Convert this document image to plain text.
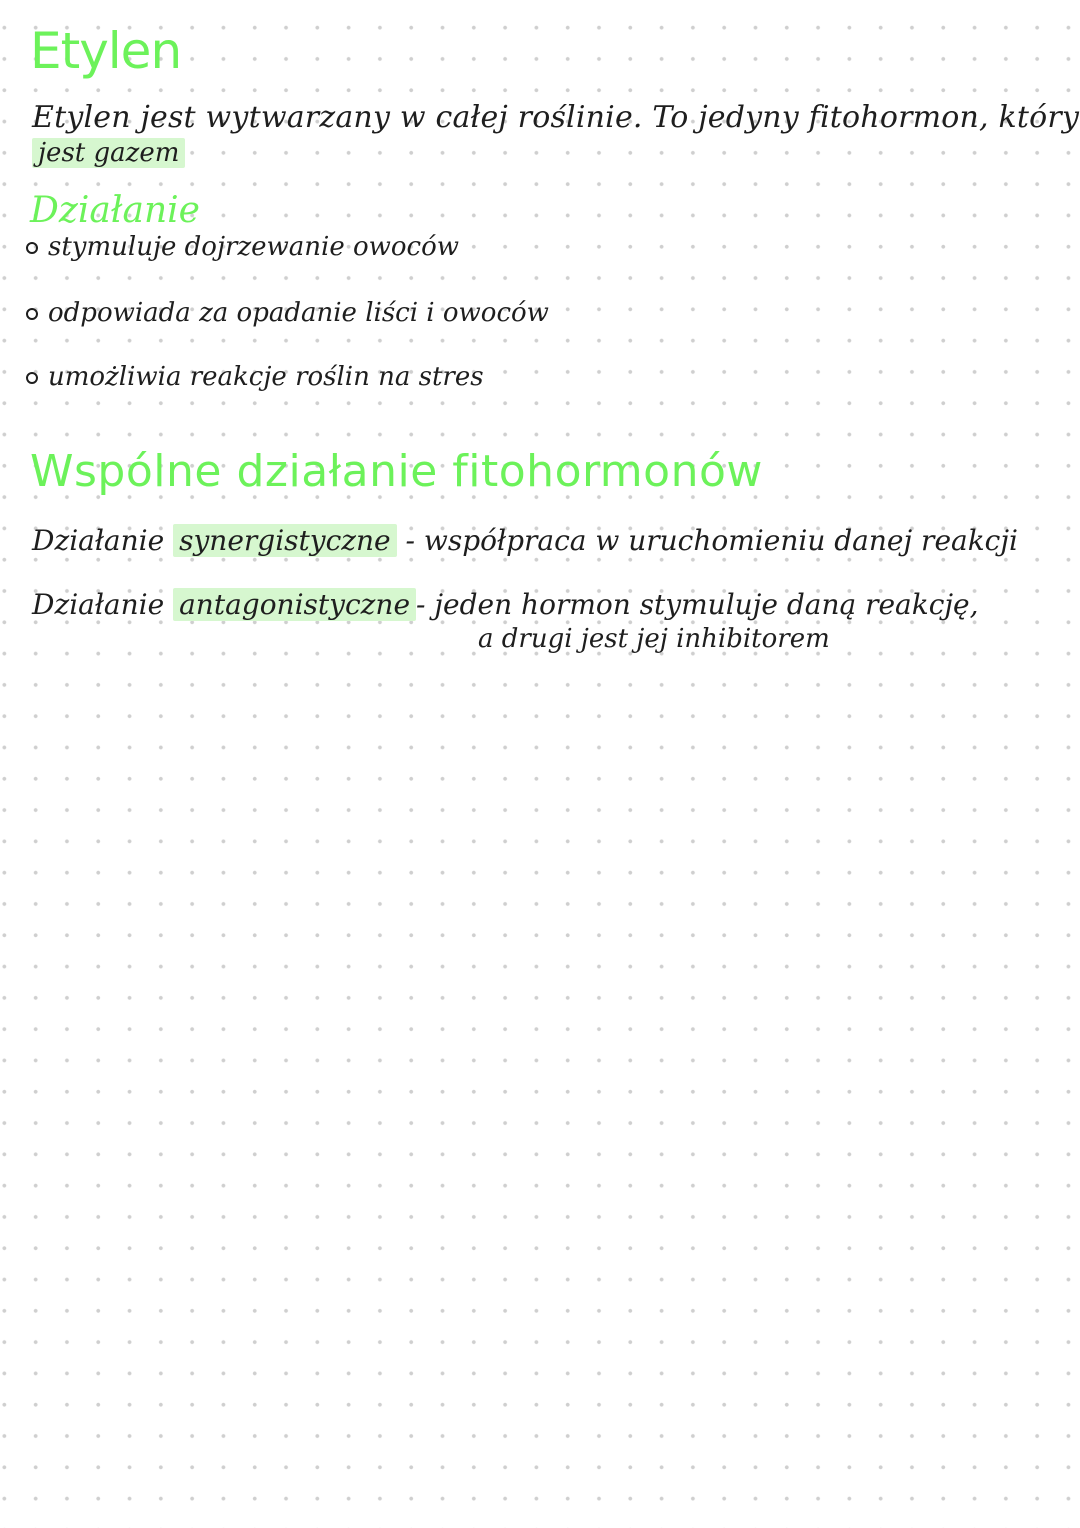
Etylen
Etylen jest wytwarzany w całej roślinie. To jedyny fitohormon, który
jest gazem
Działanie
stymuluje dojrzewanie owoców
odpowiada za opadanie liści i owoców
umożliwia reakcje roślin na stres
Wspólne działanie fitohormonów
Działanie synergistyczne - współpraca w uruchomieniu danej reakcji
Działanie antagonistyczne - jeden hormon stymuluje daną reakcję,
a drugi jest jej inhibitorem
